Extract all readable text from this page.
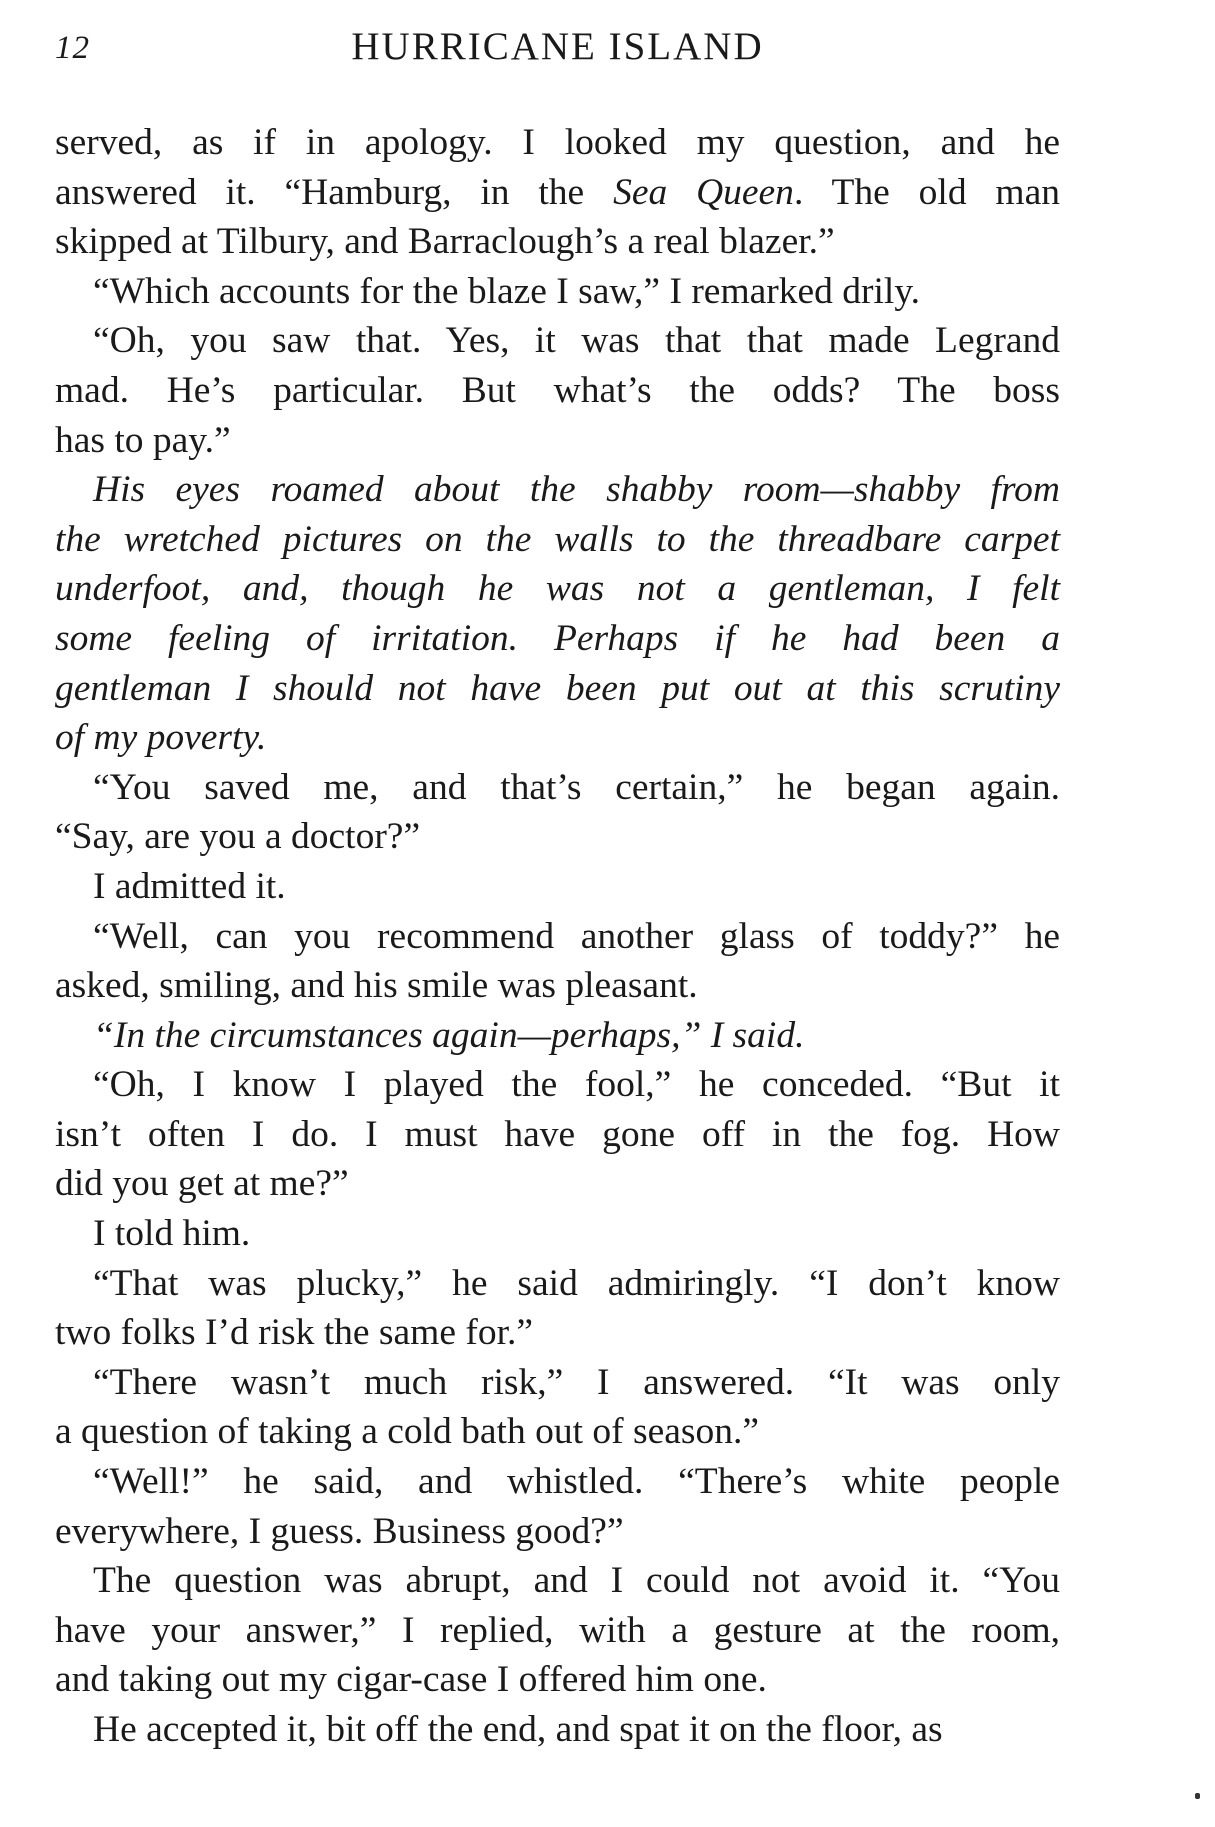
12	HURRICANE ISLAND

served, as if in apology. I looked my question, and he
answered it. “Hamburg, in the Sea Queen. The old man
skipped at Tilbury, and Barraclough’s a real blazer.”

“Which accounts for the blaze I saw,” I remarked drily.

“Oh, you saw that. Yes, it was that that made Legrand
mad. He’s particular. But what’s the odds? The boss
has to pay.”

His eyes roamed about the shabby room—shabby from
the wretched pictures on the walls to the threadbare carpet
underfoot, and, though he was not a gentleman, I felt
some feeling of irritation. Perhaps if he had been a
gentleman I should not have been put out at this scrutiny
of my poverty.

“You saved me, and that’s certain,” he began again.
“Say, are you a doctor?”

I admitted it.

“Well, can you recommend another glass of toddy?” he
asked, smiling, and his smile was pleasant.

“In the circumstances again—perhaps,” I said.

“Oh, I know I played the fool,” he conceded. “But it
isn’t often I do. I must have gone off in the fog. How
did you get at me?”

I told him.

“That was plucky,” he said admiringly. “I don’t know
two folks I’d risk the same for.”

“There wasn’t much risk,” I answered. “It was only
a question of taking a cold bath out of season.”

“Well!” he said, and whistled. “There’s white people
everywhere, I guess. Business good?”

The question was abrupt, and I could not avoid it. “You
have your answer,” I replied, with a gesture at the room,
and taking out my cigar-case I offered him one.

He accepted it, bit off the end, and spat it on the floor, as
